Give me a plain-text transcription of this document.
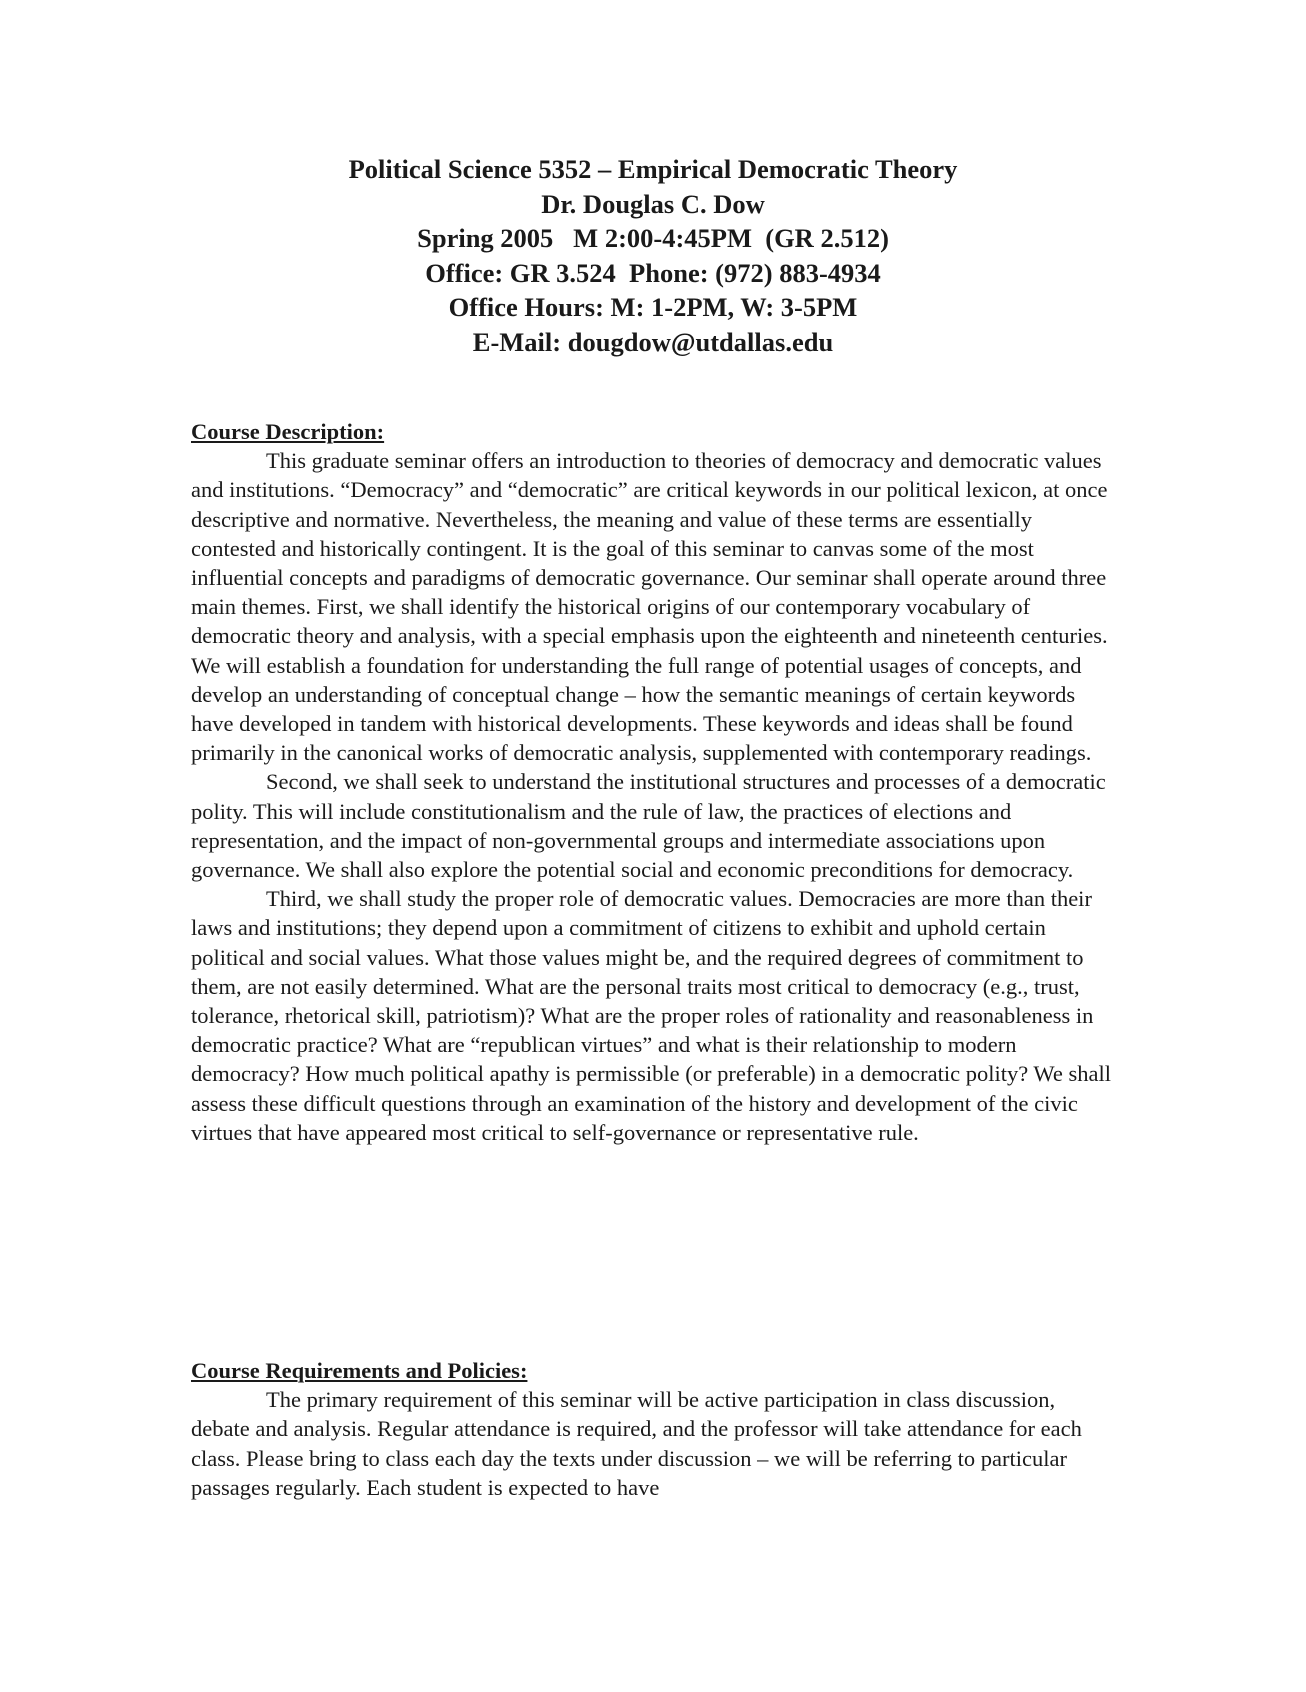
Political Science 5352 – Empirical Democratic Theory
Dr. Douglas C. Dow
Spring 2005   M 2:00-4:45PM  (GR 2.512)
Office: GR 3.524  Phone: (972) 883-4934
Office Hours: M: 1-2PM, W: 3-5PM
E-Mail: dougdow@utdallas.edu
Course Description:

This graduate seminar offers an introduction to theories of democracy and democratic values and institutions. “Democracy” and “democratic” are critical keywords in our political lexicon, at once descriptive and normative. Nevertheless, the meaning and value of these terms are essentially contested and historically contingent. It is the goal of this seminar to canvas some of the most influential concepts and paradigms of democratic governance. Our seminar shall operate around three main themes. First, we shall identify the historical origins of our contemporary vocabulary of democratic theory and analysis, with a special emphasis upon the eighteenth and nineteenth centuries. We will establish a foundation for understanding the full range of potential usages of concepts, and develop an understanding of conceptual change – how the semantic meanings of certain keywords have developed in tandem with historical developments. These keywords and ideas shall be found primarily in the canonical works of democratic analysis, supplemented with contemporary readings.

Second, we shall seek to understand the institutional structures and processes of a democratic polity. This will include constitutionalism and the rule of law, the practices of elections and representation, and the impact of non-governmental groups and intermediate associations upon governance. We shall also explore the potential social and economic preconditions for democracy.

Third, we shall study the proper role of democratic values. Democracies are more than their laws and institutions; they depend upon a commitment of citizens to exhibit and uphold certain political and social values. What those values might be, and the required degrees of commitment to them, are not easily determined. What are the personal traits most critical to democracy (e.g., trust, tolerance, rhetorical skill, patriotism)? What are the proper roles of rationality and reasonableness in democratic practice? What are “republican virtues” and what is their relationship to modern democracy? How much political apathy is permissible (or preferable) in a democratic polity? We shall assess these difficult questions through an examination of the history and development of the civic virtues that have appeared most critical to self-governance or representative rule.

Course Requirements and Policies:

The primary requirement of this seminar will be active participation in class discussion, debate and analysis. Regular attendance is required, and the professor will take attendance for each class. Please bring to class each day the texts under discussion – we will be referring to particular passages regularly. Each student is expected to have
